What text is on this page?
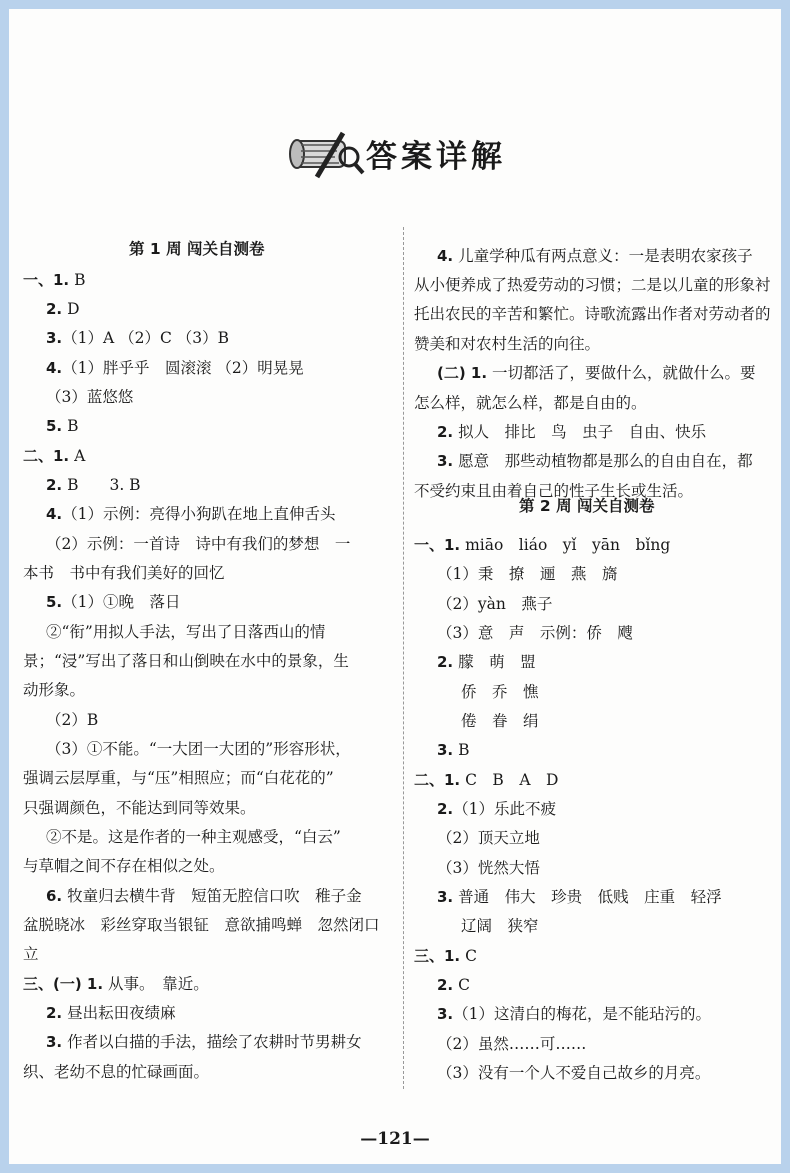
答案详解
第 1 周 闯关自测卷
一、1. B
2. D
3.（1）A （2）C （3）B
4.（1）胖乎乎　圆滚滚 （2）明晃晃
（3）蓝悠悠
5. B
二、1. A
2. B　　3. B
4.（1）示例：亮得小狗趴在地上直伸舌头
（2）示例：一首诗　诗中有我们的梦想　一
本书　书中有我们美好的回忆
5.（1）①晚　落日
②“衔”用拟人手法，写出了日落西山的情
景；“浸”写出了落日和山倒映在水中的景象，生
动形象。
（2）B
（3）①不能。“一大团一大团的”形容形状，
强调云层厚重，与“压”相照应；而“白花花的”
只强调颜色，不能达到同等效果。
②不是。这是作者的一种主观感受，“白云”
与草帽之间不存在相似之处。
6. 牧童归去横牛背　短笛无腔信口吹　稚子金
盆脱晓冰　彩丝穿取当银钲　意欲捕鸣蝉　忽然闭口
立
三、(一) 1. 从事。　靠近。
2. 昼出耘田夜绩麻
3. 作者以白描的手法，描绘了农耕时节男耕女
织、老幼不息的忙碌画面。
第 2 周 闯关自测卷
4. 儿童学种瓜有两点意义：一是表明农家孩子
从小便养成了热爱劳动的习惯；二是以儿童的形象衬
托出农民的辛苦和繁忙。诗歌流露出作者对劳动者的
赞美和对农村生活的向往。
(二) 1. 一切都活了，要做什么，就做什么。要
怎么样，就怎么样，都是自由的。
2. 拟人　排比　鸟　虫子　自由、快乐
3. 愿意　那些动植物都是那么的自由自在，都
不受约束且由着自己的性子生长或生活。
一、1. miāo　liáo　yǐ　yān　bǐng
（1）秉　撩　逦　燕　旖
（2）yàn　燕子
（3）意　声　示例：侨　飕
2. 朦　萌　盟
侨　乔　憔
倦　眷　绢
3. B
二、1. C　B　A　D
2.（1）乐此不疲
（2）顶天立地
（3）恍然大悟
3. 普通　伟大　珍贵　低贱　庄重　轻浮
辽阔　狭窄
三、1. C
2. C
3.（1）这清白的梅花，是不能玷污的。
（2）虽然……可……
（3）没有一个人不爱自己故乡的月亮。
—121—
